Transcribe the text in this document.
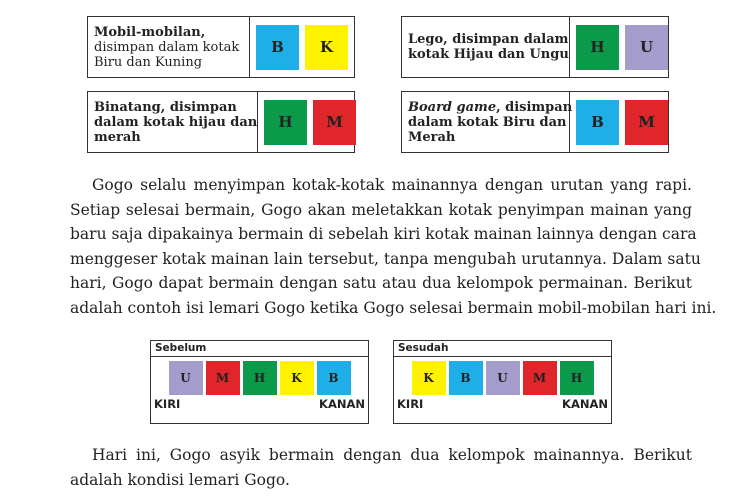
Mobil-mobilan,
disimpan dalam kotak
Biru dan Kuning
B	K	Lego, disimpan dalam
kotak Hijau dan Ungu	H	U
Binatang, disimpan
dalam kotak hijau dan
merah
H	M
Board game, disimpan
dalam kotak Biru dan
Merah
B	M
Gogo selalu menyimpan kotak-kotak mainannya dengan urutan yang rapi.
Setiap selesai bermain, Gogo akan meletakkan kotak penyimpan mainan yang
baru saja dipakainya bermain di sebelah kiri kotak mainan lainnya dengan cara
menggeser kotak mainan lain tersebut, tanpa mengubah urutannya. Dalam satu
hari, Gogo dapat bermain dengan satu atau dua kelompok permainan. Berikut
adalah contoh isi lemari Gogo ketika Gogo selesai bermain mobil-mobilan hari ini.
Sebelum
U	M	H	K	B
KIRI	KANAN
Sesudah
K	B	U	M	H
KIRI	KANAN
Hari ini, Gogo asyik bermain dengan dua kelompok mainannya. Berikut
adalah kondisi lemari Gogo.
